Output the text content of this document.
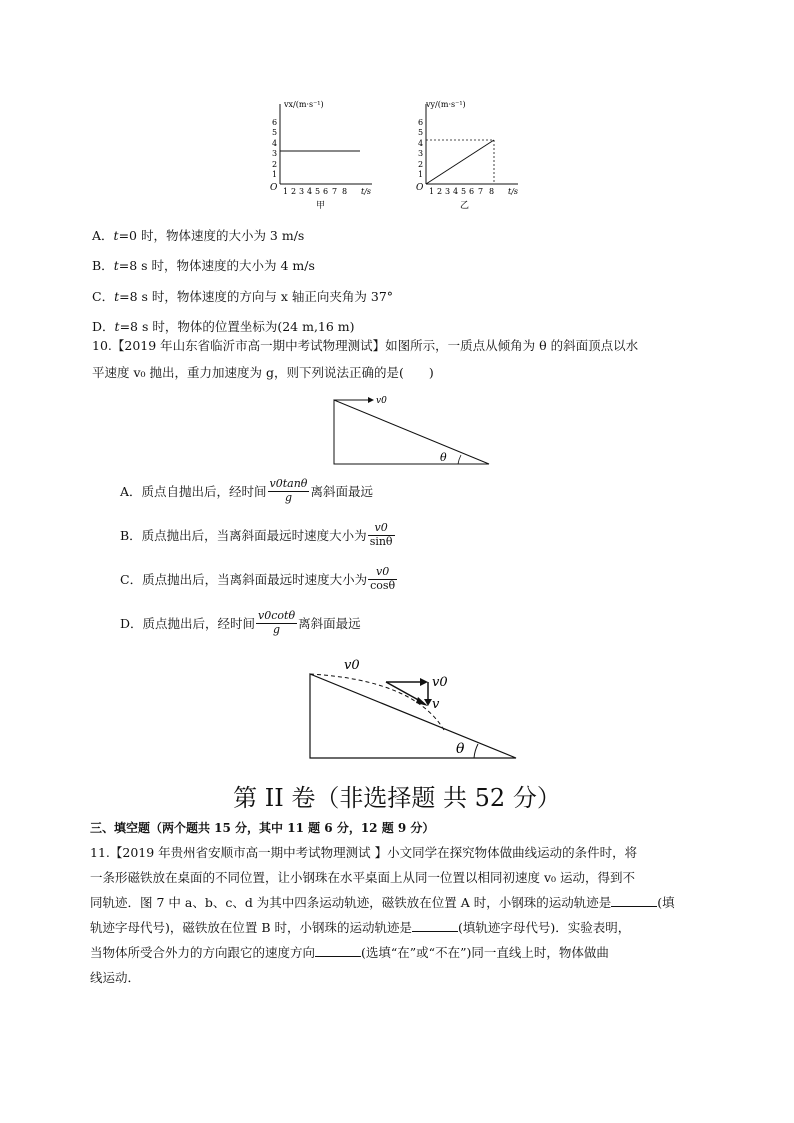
vx/(m·s⁻¹)
O
1
2
3
4
5
6
1 2 3 4 5 6 7 8 t/s
甲
vy/(m·s⁻¹)
O
1
2
3
4
5
6
1 2 3 4 5 6 7 8 t/s
乙
A．t=0 时，物体速度的大小为 3 m/s
B．t=8 s 时，物体速度的大小为 4 m/s
C．t=8 s 时，物体速度的方向与 x 轴正向夹角为 37°
D．t=8 s 时，物体的位置坐标为(24 m,16 m)
10.【2019 年山东省临沂市高一期中考试物理测试】如图所示，一质点从倾角为 θ 的斜面顶点以水
平速度 v₀ 抛出，重力加速度为 g，则下列说法正确的是(　　)
v0
θ
A．质点自抛出后，经时间 $\frac{v0\tan\theta}{g}$ 离斜面最远
B．质点抛出后，当离斜面最远时速度大小为 $\frac{v0}{\sin\theta}$
C．质点抛出后，当离斜面最远时速度大小为 $\frac{v0}{\cos\theta}$
D．质点抛出后，经时间 $\frac{v0\cot\theta}{g}$ 离斜面最远
v0
v0
v
θ
第 II 卷（非选择题 共 52 分）
三、填空题（两个题共 15 分，其中 11 题 6 分，12 题 9 分）
11.【2019 年贵州省安顺市高一期中考试物理测试 】小文同学在探究物体做曲线运动的条件时，将
一条形磁铁放在桌面的不同位置，让小钢珠在水平桌面上从同一位置以相同初速度 v₀ 运动，得到不
同轨迹．图 7 中 a、b、c、d 为其中四条运动轨迹，磁铁放在位置 A 时，小钢珠的运动轨迹是	(填
轨迹字母代号)，磁铁放在位置 B 时，小钢珠的运动轨迹是	(填轨迹字母代号)．实验表明，
当物体所受合外力的方向跟它的速度方向	(选填“在”或“不在”)同一直线上时，物体做曲
线运动．
